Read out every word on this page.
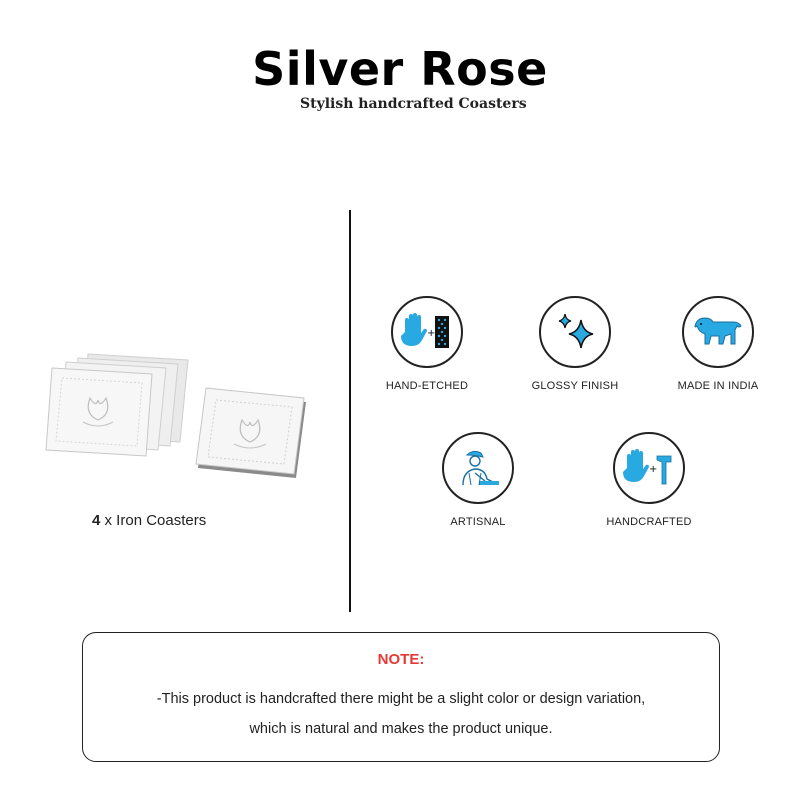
Silver Rose
Stylish handcrafted Coasters
4 x Iron Coasters
+
HAND-ETCHED	GLOSSY FINISH	MADE IN INDIA
ARTISNAL
+
HANDCRAFTED
NOTE:
-This product is handcrafted there might be a slight color or design variation,
which is natural and makes the product unique.
